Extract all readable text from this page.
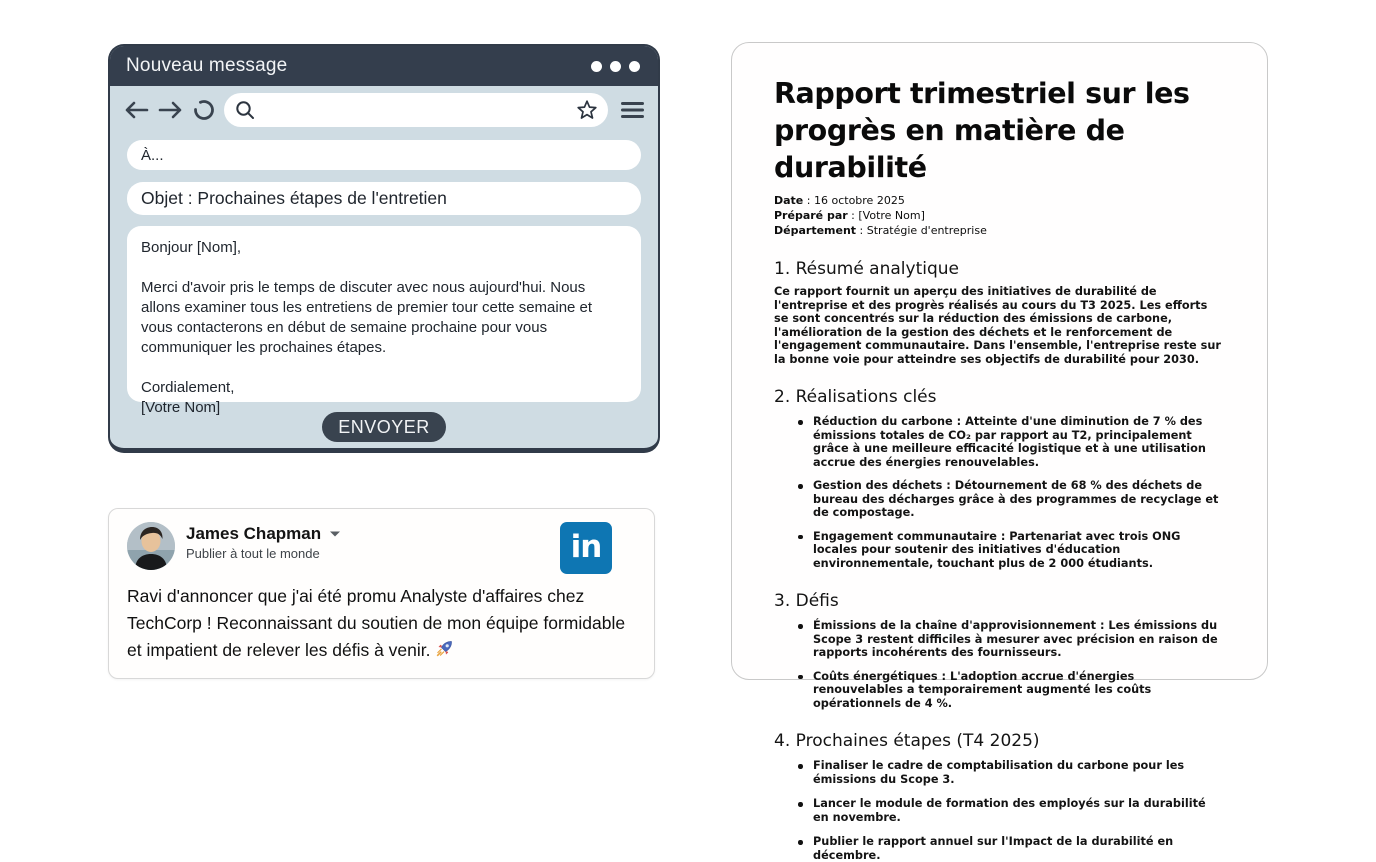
Nouveau message
À...
Objet : Prochaines étapes de l'entretien

Bonjour [Nom],

Merci d'avoir pris le temps de discuter avec nous aujourd'hui. Nous allons examiner tous les entretiens de premier tour cette semaine et vous contacterons en début de semaine prochaine pour vous communiquer les prochaines étapes.

Cordialement,

[Votre Nom]

ENVOYER
James Chapman
Publier à tout le monde	in
Ravi d'annoncer que j'ai été promu Analyste d'affaires chez TechCorp ! Reconnaissant du soutien de mon équipe formidable et impatient de relever les défis à venir.
Rapport trimestriel sur les progrès en matière de durabilité
Date : 16 octobre 2025
Préparé par : [Votre Nom]
Département : Stratégie d'entreprise
1. Résumé analytique

Ce rapport fournit un aperçu des initiatives de durabilité de l'entreprise et des progrès réalisés au cours du T3 2025. Les efforts se sont concentrés sur la réduction des émissions de carbone, l'amélioration de la gestion des déchets et le renforcement de l'engagement communautaire. Dans l'ensemble, l'entreprise reste sur la bonne voie pour atteindre ses objectifs de durabilité pour 2030.

2. Réalisations clés
Réduction du carbone : Atteinte d'une diminution de 7 % des émissions totales de CO₂ par rapport au T2, principalement grâce à une meilleure efficacité logistique et à une utilisation accrue des énergies renouvelables.
Gestion des déchets : Détournement de 68 % des déchets de bureau des décharges grâce à des programmes de recyclage et de compostage.
Engagement communautaire : Partenariat avec trois ONG locales pour soutenir des initiatives d'éducation environnementale, touchant plus de 2 000 étudiants.
3. Défis
Émissions de la chaîne d'approvisionnement : Les émissions du Scope 3 restent difficiles à mesurer avec précision en raison de rapports incohérents des fournisseurs.
Coûts énergétiques : L'adoption accrue d'énergies renouvelables a temporairement augmenté les coûts opérationnels de 4 %.
4. Prochaines étapes (T4 2025)
Finaliser le cadre de comptabilisation du carbone pour les émissions du Scope 3.
Lancer le module de formation des employés sur la durabilité en novembre.
Publier le rapport annuel sur l'Impact de la durabilité en décembre.
